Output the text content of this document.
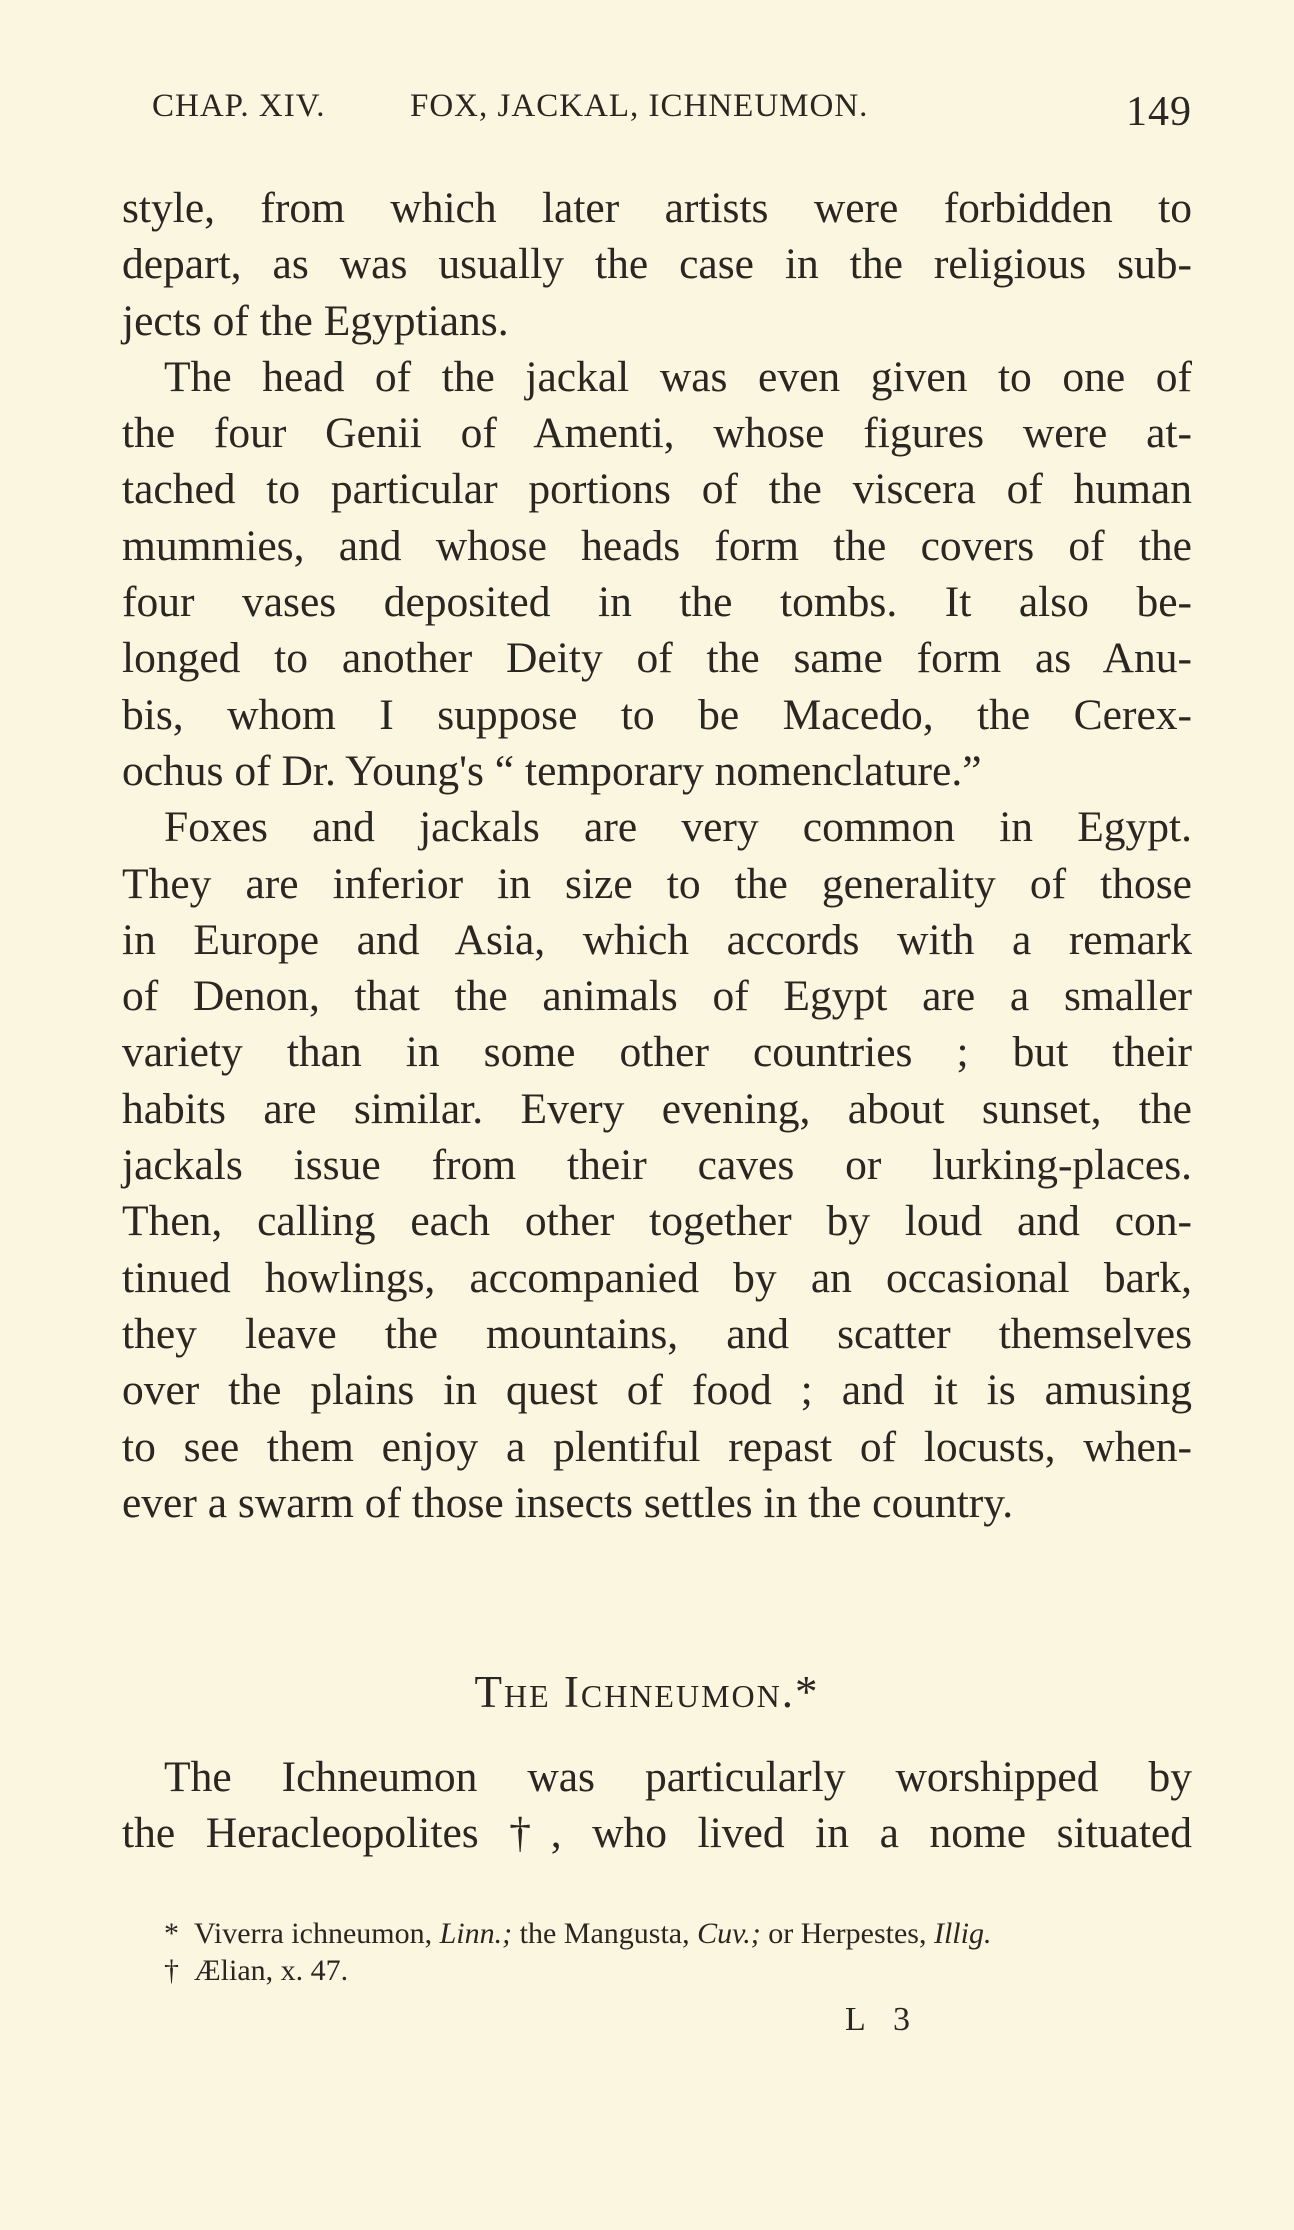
CHAP. XIV.	FOX, JACKAL, ICHNEUMON.	149
style, from which later artists were forbidden to
depart, as was usually the case in the religious sub-
jects of the Egyptians.
The head of the jackal was even given to one of
the four Genii of Amenti, whose figures were at-
tached to particular portions of the viscera of human
mummies, and whose heads form the covers of the
four vases deposited in the tombs. It also be-
longed to another Deity of the same form as Anu-
bis, whom I suppose to be Macedo, the Cerex-
ochus of Dr. Young's “ temporary nomenclature.”
Foxes and jackals are very common in Egypt.
They are inferior in size to the generality of those
in Europe and Asia, which accords with a remark
of Denon, that the animals of Egypt are a smaller
variety than in some other countries ; but their
habits are similar. Every evening, about sunset, the
jackals issue from their caves or lurking-places.
Then, calling each other together by loud and con-
tinued howlings, accompanied by an occasional bark,
they leave the mountains, and scatter themselves
over the plains in quest of food ; and it is amusing
to see them enjoy a plentiful repast of locusts, when-
ever a swarm of those insects settles in the country.
The Ichneumon.*
The Ichneumon was particularly worshipped by
the Heracleopolites †, who lived in a nome situated
* Viverra ichneumon, Linn.; the Mangusta, Cuv.; or Herpestes, Illig.
† Ælian, x. 47.
L 3
